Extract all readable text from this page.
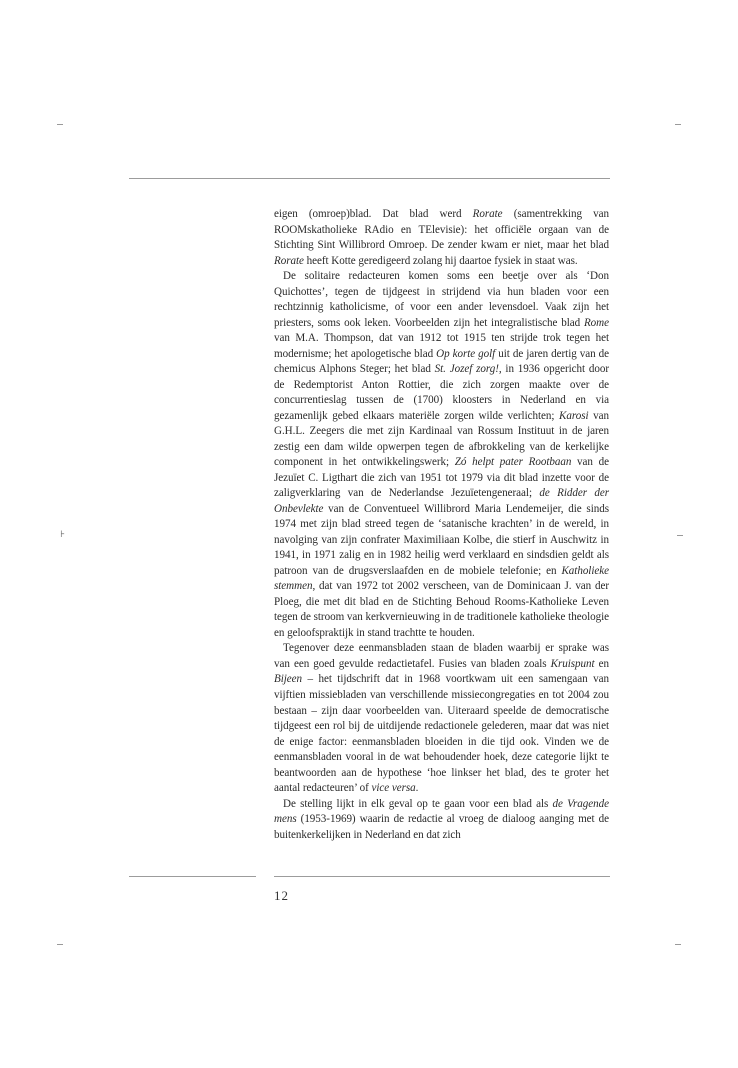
⊦

eigen (omroep)blad. Dat blad werd Rorate (samentrekking van ROOMskatholieke RAdio en TElevisie): het officiële orgaan van de Stichting Sint Willibrord Omroep. De zender kwam er niet, maar het blad Rorate heeft Kotte geredigeerd zolang hij daartoe fysiek in staat was.

De solitaire redacteuren komen soms een beetje over als ‘Don Quichottes’, tegen de tijdgeest in strijdend via hun bladen voor een rechtzinnig katholicisme, of voor een ander levensdoel. Vaak zijn het priesters, soms ook leken. Voorbeelden zijn het integralistische blad Rome van M.A. Thompson, dat van 1912 tot 1915 ten strijde trok tegen het modernisme; het apologetische blad Op korte golf uit de jaren dertig van de chemicus Alphons Steger; het blad St. Jozef zorg!, in 1936 opgericht door de Redemptorist Anton Rottier, die zich zorgen maakte over de concurrentieslag tussen de (1700) kloosters in Nederland en via gezamenlijk gebed elkaars materiële zorgen wilde verlichten; Karosi van G.H.L. Zeegers die met zijn Kardinaal van Rossum Instituut in de jaren zestig een dam wilde opwerpen tegen de afbrokkeling van de kerkelijke component in het ontwikkelingswerk; Zó helpt pater Rootbaan van de Jezuïet C. Ligthart die zich van 1951 tot 1979 via dit blad inzette voor de zaligverklaring van de Nederlandse Jezuïetengeneraal; de Ridder der Onbevlekte van de Conventueel Willibrord Maria Lendemeijer, die sinds 1974 met zijn blad streed tegen de ‘satanische krachten’ in de wereld, in navolging van zijn confrater Maximiliaan Kolbe, die stierf in Auschwitz in 1941, in 1971 zalig en in 1982 heilig werd verklaard en sindsdien geldt als patroon van de drugsverslaafden en de mobiele telefonie; en Katholieke stemmen, dat van 1972 tot 2002 verscheen, van de Dominicaan J. van der Ploeg, die met dit blad en de Stichting Behoud Rooms-Katholieke Leven tegen de stroom van kerkvernieuwing in de traditionele katholieke theologie en geloofspraktijk in stand trachtte te houden.

Tegenover deze eenmansbladen staan de bladen waarbij er sprake was van een goed gevulde redactietafel. Fusies van bladen zoals Kruispunt en Bijeen – het tijdschrift dat in 1968 voortkwam uit een samengaan van vijftien missiebladen van verschillende missiecongregaties en tot 2004 zou bestaan – zijn daar voorbeelden van. Uiteraard speelde de democratische tijdgeest een rol bij de uitdijende redactionele gelederen, maar dat was niet de enige factor: eenmansbladen bloeiden in die tijd ook. Vinden we de eenmansbladen vooral in de wat behoudender hoek, deze categorie lijkt te beantwoorden aan de hypothese ‘hoe linkser het blad, des te groter het aantal redacteuren’ of vice versa.

De stelling lijkt in elk geval op te gaan voor een blad als de Vragende mens (1953-1969) waarin de redactie al vroeg de dialoog aanging met de buitenkerkelijken in Nederland en dat zich

12
